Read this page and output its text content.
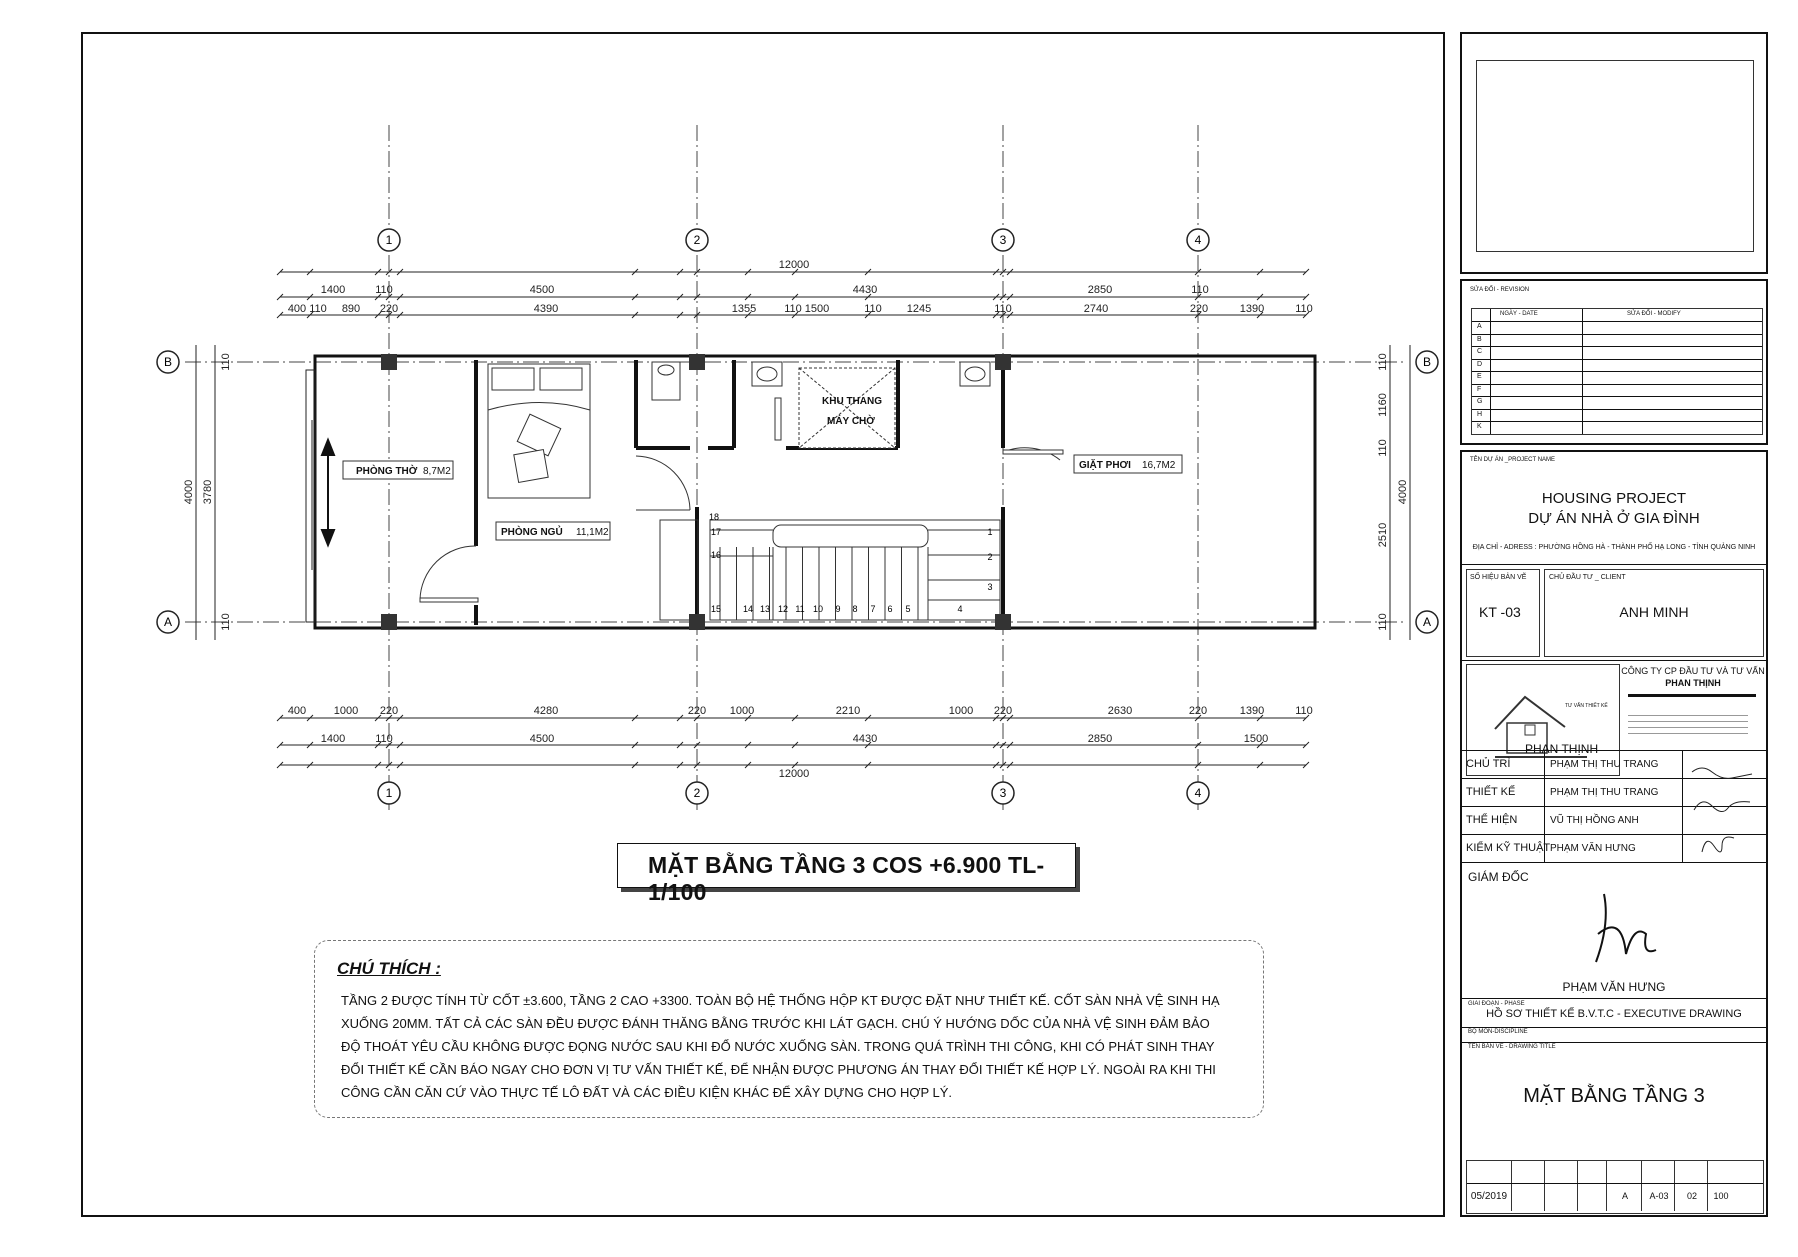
1
2
3
4
5
6
7
8
9
10
11
12
13
14
15
16
17
18
1
1
2
2
3
3
4
4
B	B
A	A
12000
1400	110	4500	4430	2850	110
400 110 890 220	4390	1355	110 1500	110 1245	110	2740	220	1390	110
400	1000 220	4280	220 1000	2210	1000 220	2630	220	1390	110
1400	110	4500	4430	2850	1500
12000
4000 3780
110
110
110
1160
110
4000
2510
110
PHÒNG THỜ 8,7M2
PHÒNG NGỦ 11,1M2
GIẶT PHƠI 16,7M2
KHU THANG
MÁY CHỜ
MẶT BẰNG TẦNG 3 COS +6.900 TL-1/100
CHÚ THÍCH :
TẦNG 2 ĐƯỢC TÍNH TỪ CỐT ±3.600, TẦNG 2 CAO +3300. TOÀN BỘ HỆ THỐNG HỘP KT ĐƯỢC ĐẶT NHƯ THIẾT KẾ. CỐT SÀN NHÀ VỆ SINH HẠ XUỐNG 20MM. TẤT CẢ CÁC SÀN ĐỀU ĐƯỢC ĐÁNH THĂNG BẰNG TRƯỚC KHI LÁT GẠCH. CHÚ Ý HƯỚNG DỐC CỦA NHÀ VỆ SINH ĐẢM BẢO ĐỘ THOÁT YÊU CẦU KHÔNG ĐƯỢC ĐỌNG NƯỚC SAU KHI ĐỔ NƯỚC XUỐNG SÀN. TRONG QUÁ TRÌNH THI CÔNG, KHI CÓ PHÁT SINH THAY ĐỔI THIẾT KẾ CẦN BÁO NGAY CHO ĐƠN VỊ TƯ VẤN THIẾT KẾ, ĐỂ NHẬN ĐƯỢC PHƯƠNG ÁN THAY ĐỔI THIẾT KẾ HỢP LÝ. NGOÀI RA KHI THI CÔNG CẦN CĂN CỨ VÀO THỰC TẾ LÔ ĐẤT VÀ CÁC ĐIỀU KIỆN KHÁC ĐỂ XÂY DỰNG CHO HỢP LÝ.
SỬA ĐỔI - REVISION
NGÀY - DATE	SỬA ĐỔI - MODIFY
A
B
C
D
E
F
G
H
K
TÊN DỰ ÁN _PROJECT NAME
HOUSING PROJECT
DỰ ÁN NHÀ Ở GIA ĐÌNH
ĐỊA CHỈ - ADRESS : PHƯỜNG HỒNG HÀ - THÀNH PHỐ HẠ LONG - TỈNH QUẢNG NINH
SỐ HIỆU BẢN VẼ
KT -03
CHỦ ĐẦU TƯ _ CLIENT
ANH MINH
TƯ VẤN THIẾT KẾ
PHAN THỊNH
CÔNG TY CP ĐẦU TƯ VÀ TƯ VẤN
PHAN THỊNH
CHỦ TRÌ	PHẠM THỊ THU TRANG
THIẾT KẾ	PHẠM THỊ THU TRANG
THỂ HIỆN	VŨ THỊ HỒNG ANH
KIỂM KỸ THUẬT PHẠM VĂN HƯNG
GIÁM ĐỐC
PHẠM VĂN HƯNG
GIAI ĐOẠN - PHASE
HỒ SƠ THIẾT KẾ B.V.T.C - EXECUTIVE DRAWING
BỘ MÔN-DISCIPLINE
TÊN BẢN VẼ - DRAWING TITLE
MẶT BẰNG TẦNG 3
05/2019	A	A-03	02	100
